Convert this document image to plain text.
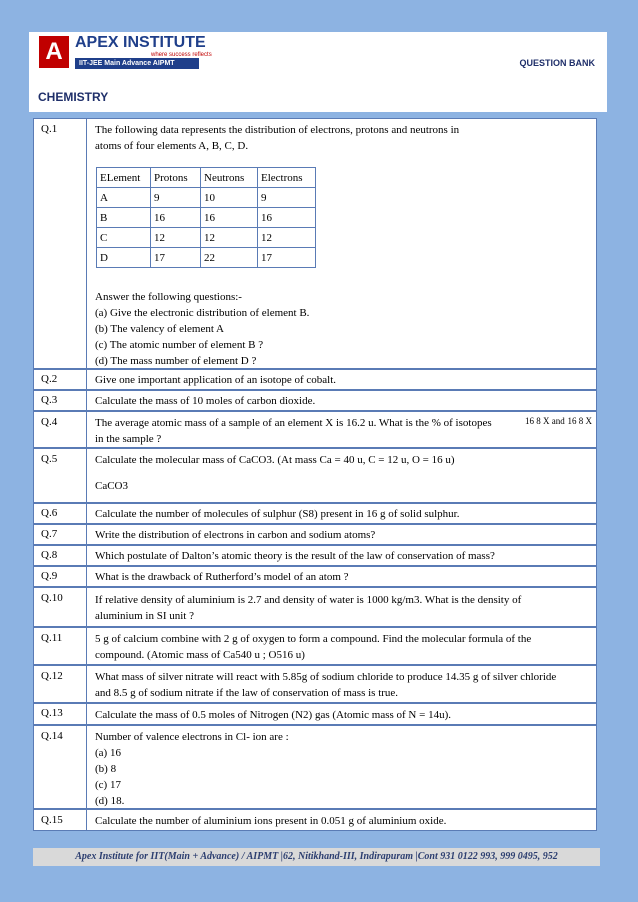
A APEX INSTITUTE
where success reflects
IIT-JEE Main Advance AIPMT	QUESTION BANK
CHEMISTRY
Q.1	The following data represents the distribution of electrons, protons and neutrons in
atoms of four elements A, B, C, D.
ELement	Protons	Neutrons	Electrons
A	9	10	9
B	16	16	16
C	12	12	12
D	17	22	17
Answer the following questions:-
(a) Give the electronic distribution of element B.
(b) The valency of element A
(c) The atomic number of element B ?
(d) The mass number of element D ?
Q.2	Give one important application of an isotope of cobalt.
Q.3	Calculate the mass of 10 moles of carbon dioxide.
Q.4	The average atomic mass of a sample of an element X is 16.2 u. What is the % of isotopes
in the sample ?
16 8 X and 16 8 X
Q.5	Calculate the molecular mass of CaCO3. (At mass Ca = 40 u, C = 12 u, O = 16 u)
CaCO3
Q.6	Calculate the number of molecules of sulphur (S8) present in 16 g of solid sulphur.
Q.7	Write the distribution of electrons in carbon and sodium atoms?
Q.8	Which postulate of Dalton’s atomic theory is the result of the law of conservation of mass?
Q.9	What is the drawback of Rutherford’s model of an atom ?
Q.10	If relative density of aluminium is 2.7 and density of water is 1000 kg/m3. What is the density of
aluminium in SI unit ?
Q.11	5 g of calcium combine with 2 g of oxygen to form a compound. Find the molecular formula of the
compound. (Atomic mass of Ca540 u ; O516 u)
Q.12	What mass of silver nitrate will react with 5.85g of sodium chloride to produce 14.35 g of silver chloride
and 8.5 g of sodium nitrate if the law of conservation of mass is true.
Q.13	Calculate the mass of 0.5 moles of Nitrogen (N2) gas (Atomic mass of N = 14u).
Q.14	Number of valence electrons in Cl- ion are :
(a) 16
(b) 8
(c) 17
(d) 18.
Q.15	Calculate the number of aluminium ions present in 0.051 g of aluminium oxide.
Apex Institute for IIT(Main + Advance) / AIPMT |62, Nitikhand-III, Indirapuram |Cont 931 0122 993, 999 0495, 952
